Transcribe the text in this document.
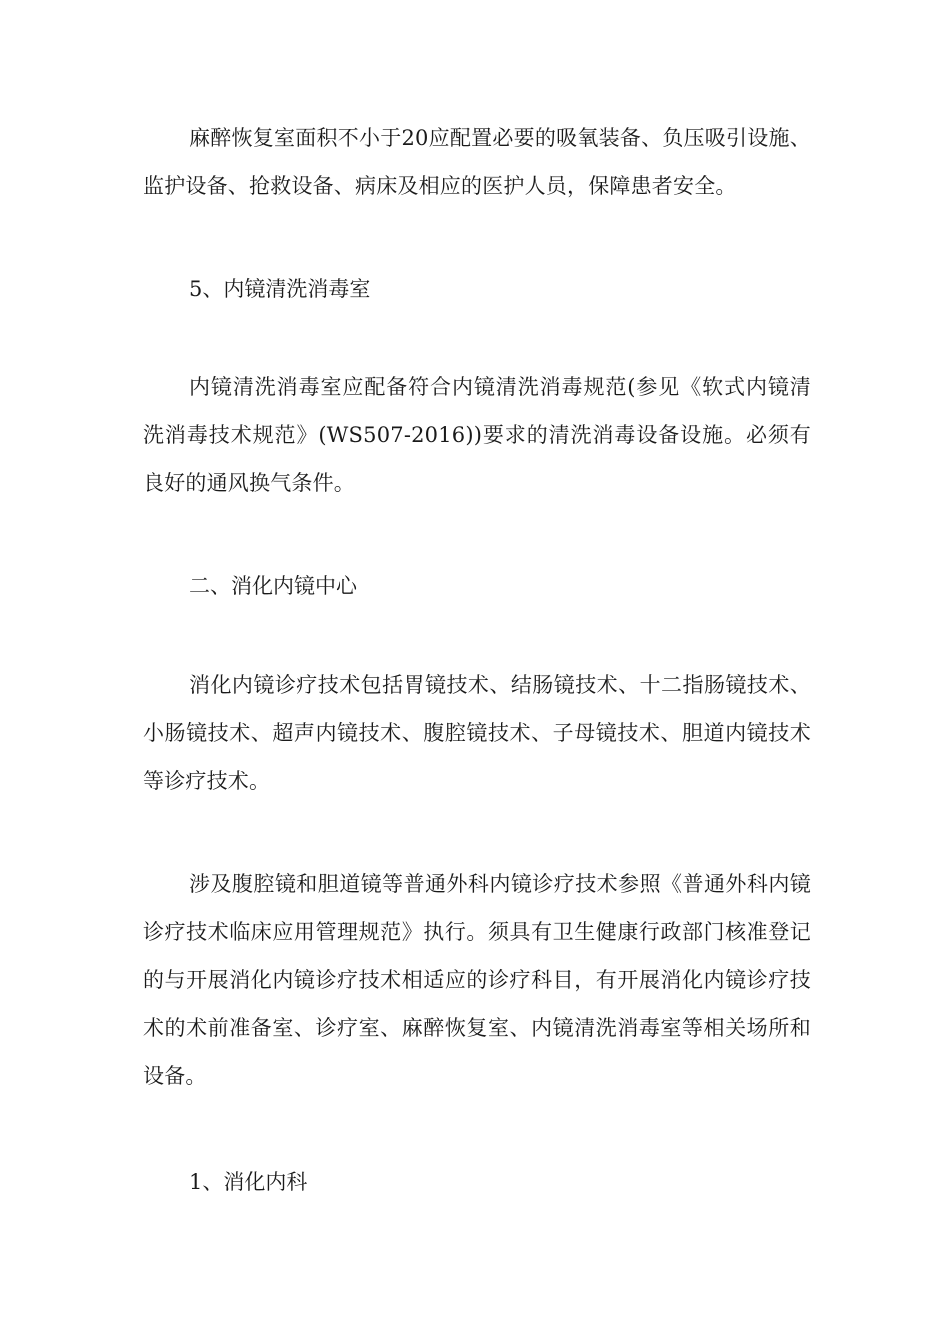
麻醉恢复室面积不小于20应配置必要的吸氧装备、负压吸引设施、监护设备、抢救设备、病床及相应的医护人员，保障患者安全。

5、内镜清洗消毒室

内镜清洗消毒室应配备符合内镜清洗消毒规范(参见《软式内镜清洗消毒技术规范》(WS507-2016))要求的清洗消毒设备设施。必须有良好的通风换气条件。

二、消化内镜中心

消化内镜诊疗技术包括胃镜技术、结肠镜技术、十二指肠镜技术、小肠镜技术、超声内镜技术、腹腔镜技术、子母镜技术、胆道内镜技术等诊疗技术。

涉及腹腔镜和胆道镜等普通外科内镜诊疗技术参照《普通外科内镜诊疗技术临床应用管理规范》执行。须具有卫生健康行政部门核准登记的与开展消化内镜诊疗技术相适应的诊疗科目，有开展消化内镜诊疗技术的术前准备室、诊疗室、麻醉恢复室、内镜清洗消毒室等相关场所和设备。

1、消化内科
